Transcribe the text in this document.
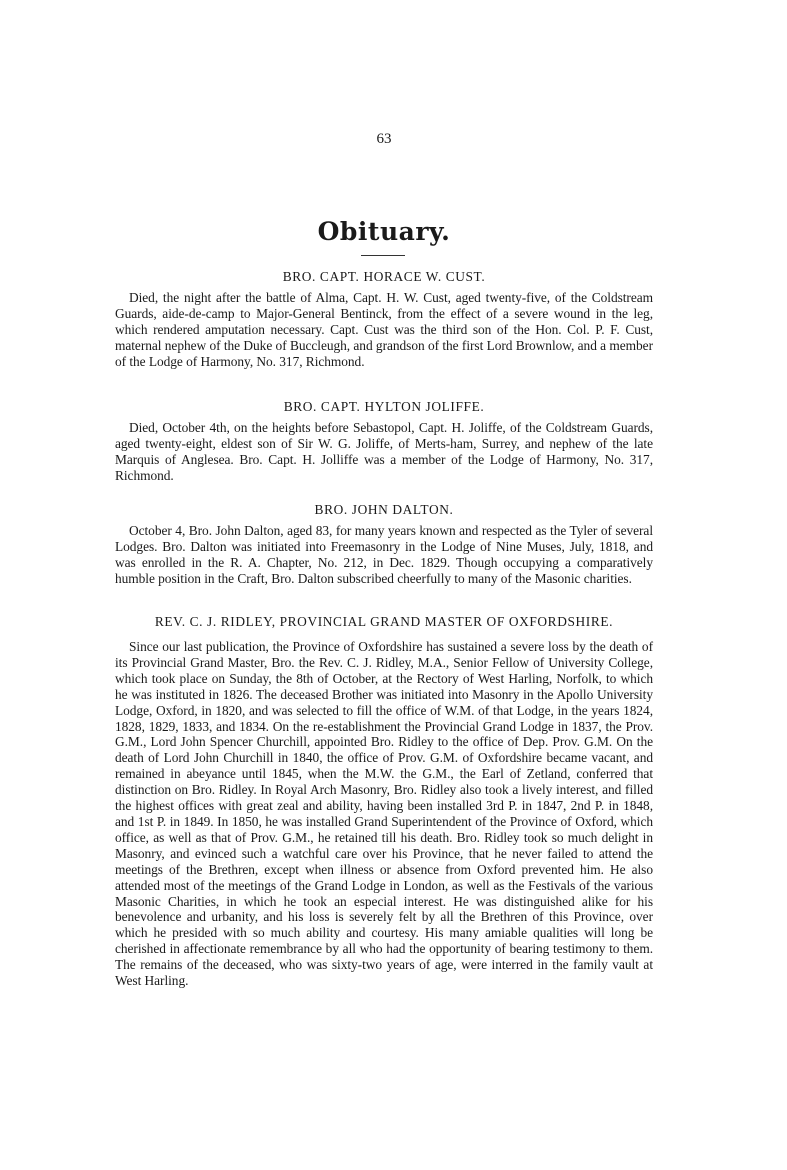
63
Obituary.
BRO. CAPT. HORACE W. CUST.
Died, the night after the battle of Alma, Capt. H. W. Cust, aged twenty-five, of the Coldstream Guards, aide-de-camp to Major-General Bentinck, from the effect of a severe wound in the leg, which rendered amputation necessary. Capt. Cust was the third son of the Hon. Col. P. F. Cust, maternal nephew of the Duke of Buccleugh, and grandson of the first Lord Brownlow, and a member of the Lodge of Harmony, No. 317, Richmond.
BRO. CAPT. HYLTON JOLIFFE.
Died, October 4th, on the heights before Sebastopol, Capt. H. Joliffe, of the Coldstream Guards, aged twenty-eight, eldest son of Sir W. G. Joliffe, of Merts-ham, Surrey, and nephew of the late Marquis of Anglesea. Bro. Capt. H. Jolliffe was a member of the Lodge of Harmony, No. 317, Richmond.
BRO. JOHN DALTON.
October 4, Bro. John Dalton, aged 83, for many years known and respected as the Tyler of several Lodges. Bro. Dalton was initiated into Freemasonry in the Lodge of Nine Muses, July, 1818, and was enrolled in the R. A. Chapter, No. 212, in Dec. 1829. Though occupying a comparatively humble position in the Craft, Bro. Dalton subscribed cheerfully to many of the Masonic charities.
REV. C. J. RIDLEY, PROVINCIAL GRAND MASTER OF OXFORDSHIRE.
Since our last publication, the Province of Oxfordshire has sustained a severe loss by the death of its Provincial Grand Master, Bro. the Rev. C. J. Ridley, M.A., Senior Fellow of University College, which took place on Sunday, the 8th of October, at the Rectory of West Harling, Norfolk, to which he was instituted in 1826. The deceased Brother was initiated into Masonry in the Apollo University Lodge, Oxford, in 1820, and was selected to fill the office of W.M. of that Lodge, in the years 1824, 1828, 1829, 1833, and 1834. On the re-establishment the Provincial Grand Lodge in 1837, the Prov. G.M., Lord John Spencer Churchill, appointed Bro. Ridley to the office of Dep. Prov. G.M. On the death of Lord John Churchill in 1840, the office of Prov. G.M. of Oxfordshire became vacant, and remained in abeyance until 1845, when the M.W. the G.M., the Earl of Zetland, conferred that distinction on Bro. Ridley. In Royal Arch Masonry, Bro. Ridley also took a lively interest, and filled the highest offices with great zeal and ability, having been installed 3rd P. in 1847, 2nd P. in 1848, and 1st P. in 1849. In 1850, he was installed Grand Superintendent of the Province of Oxford, which office, as well as that of Prov. G.M., he retained till his death. Bro. Ridley took so much delight in Masonry, and evinced such a watchful care over his Province, that he never failed to attend the meetings of the Brethren, except when illness or absence from Oxford prevented him. He also attended most of the meetings of the Grand Lodge in London, as well as the Festivals of the various Masonic Charities, in which he took an especial interest. He was distinguished alike for his benevolence and urbanity, and his loss is severely felt by all the Brethren of this Province, over which he presided with so much ability and courtesy. His many amiable qualities will long be cherished in affectionate remembrance by all who had the opportunity of bearing testimony to them. The remains of the deceased, who was sixty-two years of age, were interred in the family vault at West Harling.
